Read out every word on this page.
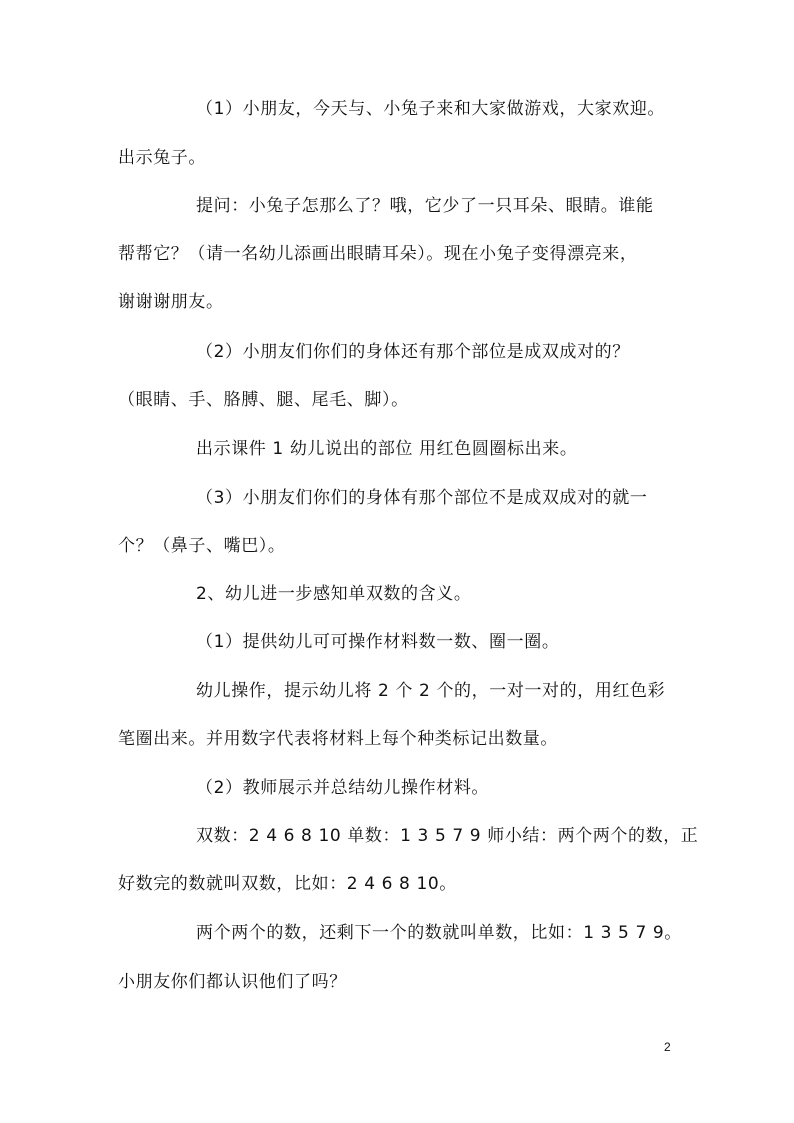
（1）小朋友，今天与、小兔子来和大家做游戏，大家欢迎。
出示兔子。
提问：小兔子怎那么了？哦，它少了一只耳朵、眼睛。谁能
帮帮它？（请一名幼儿添画出眼睛耳朵）。现在小兔子变得漂亮来，
谢谢谢朋友。
（2）小朋友们你们的身体还有那个部位是成双成对的？
（眼睛、手、胳膊、腿、尾毛、脚）。
出示课件 1 幼儿说出的部位 用红色圆圈标出来。
（3）小朋友们你们的身体有那个部位不是成双成对的就一
个？（鼻子、嘴巴）。
2、幼儿进一步感知单双数的含义。
（1）提供幼儿可可操作材料数一数、圈一圈。
幼儿操作，提示幼儿将 2 个 2 个的，一对一对的，用红色彩
笔圈出来。并用数字代表将材料上每个种类标记出数量。
（2）教师展示并总结幼儿操作材料。
双数：2 4 6 8 10 单数：1 3 5 7 9 师小结：两个两个的数，正
好数完的数就叫双数，比如：2 4 6 8 10。
两个两个的数，还剩下一个的数就叫单数，比如：1 3 5 7 9。
小朋友你们都认识他们了吗？
2
